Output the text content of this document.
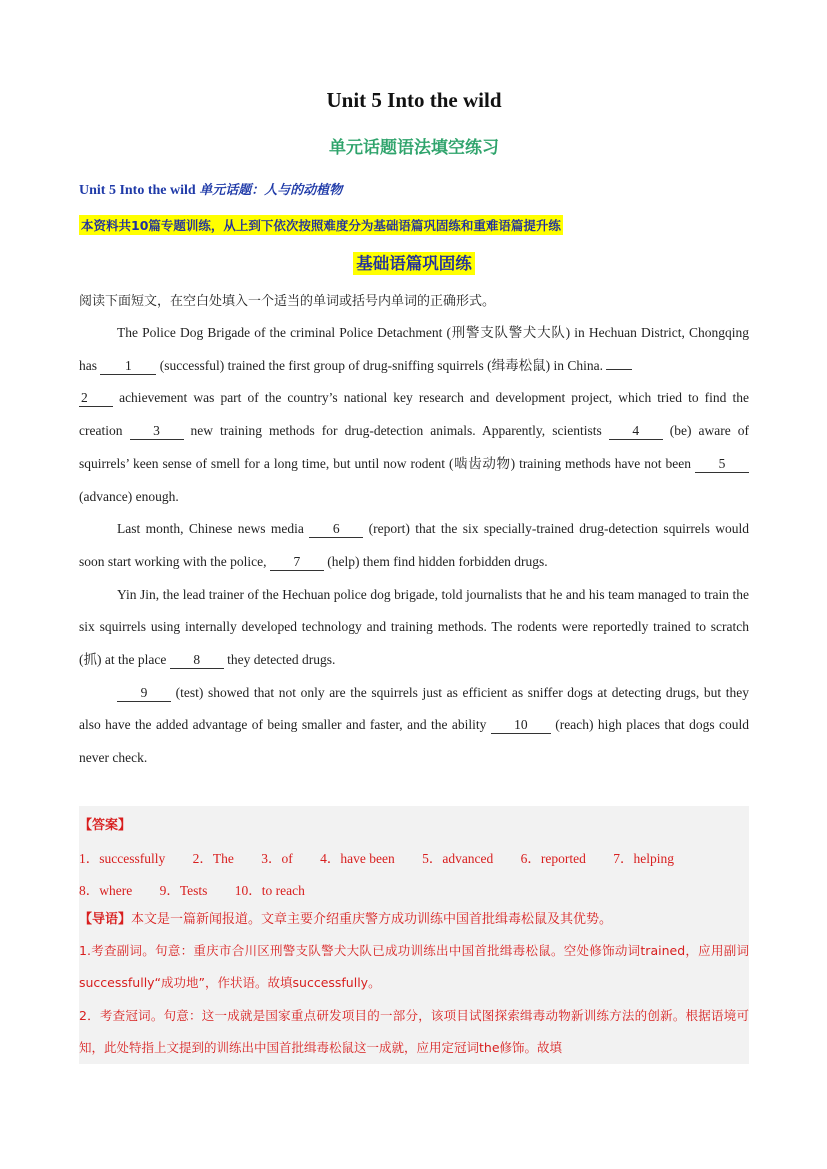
Unit 5 Into the wild
单元话题语法填空练习
Unit 5 Into the wild 单元话题：人与的动植物
本资料共10篇专题训练，从上到下依次按照难度分为基础语篇巩固练和重难语篇提升练
基础语篇巩固练
阅读下面短文，在空白处填入一个适当的单词或括号内单词的正确形式。

The Police Dog Brigade of the criminal Police Detachment (刑警支队警犬大队) in Hechuan District, Chongqing has 1 (successful) trained the first group of drug-sniffing squirrels (缉毒松鼠) in China.
2 achievement was part of the country’s national key research and development project, which tried to find the creation 3 new training methods for drug-detection animals. Apparently, scientists 4 (be) aware of squirrels’ keen sense of smell for a long time, but until now rodent (啮齿动物) training methods have not been 5 (advance) enough.

Last month, Chinese news media 6 (report) that the six specially-trained drug-detection squirrels would soon start working with the police, 7 (help) them find hidden forbidden drugs.

Yin Jin, the lead trainer of the Hechuan police dog brigade, told journalists that he and his team managed to train the six squirrels using internally developed technology and training methods. The rodents were reportedly trained to scratch (抓) at the place 8 they detected drugs.

9 (test) showed that not only are the squirrels just as efficient as sniffer dogs at detecting drugs, but they also have the added advantage of being smaller and faster, and the ability 10 (reach) high places that dogs could never check.

【答案】
1．successfully 2．The 3．of 4．have been 5．advanced 6．reported 7．helping
8．where 9．Tests 10．to reach
【导语】本文是一篇新闻报道。文章主要介绍重庆警方成功训练中国首批缉毒松鼠及其优势。
1.考查副词。句意：重庆市合川区刑警支队警犬大队已成功训练出中国首批缉毒松鼠。空处修饰动词trained，应用副词successfully“成功地”，作状语。故填successfully。
2．考查冠词。句意：这一成就是国家重点研发项目的一部分，该项目试图探索缉毒动物新训练方法的创新。根据语境可知，此处特指上文提到的训练出中国首批缉毒松鼠这一成就，应用定冠词the修饰。故填
